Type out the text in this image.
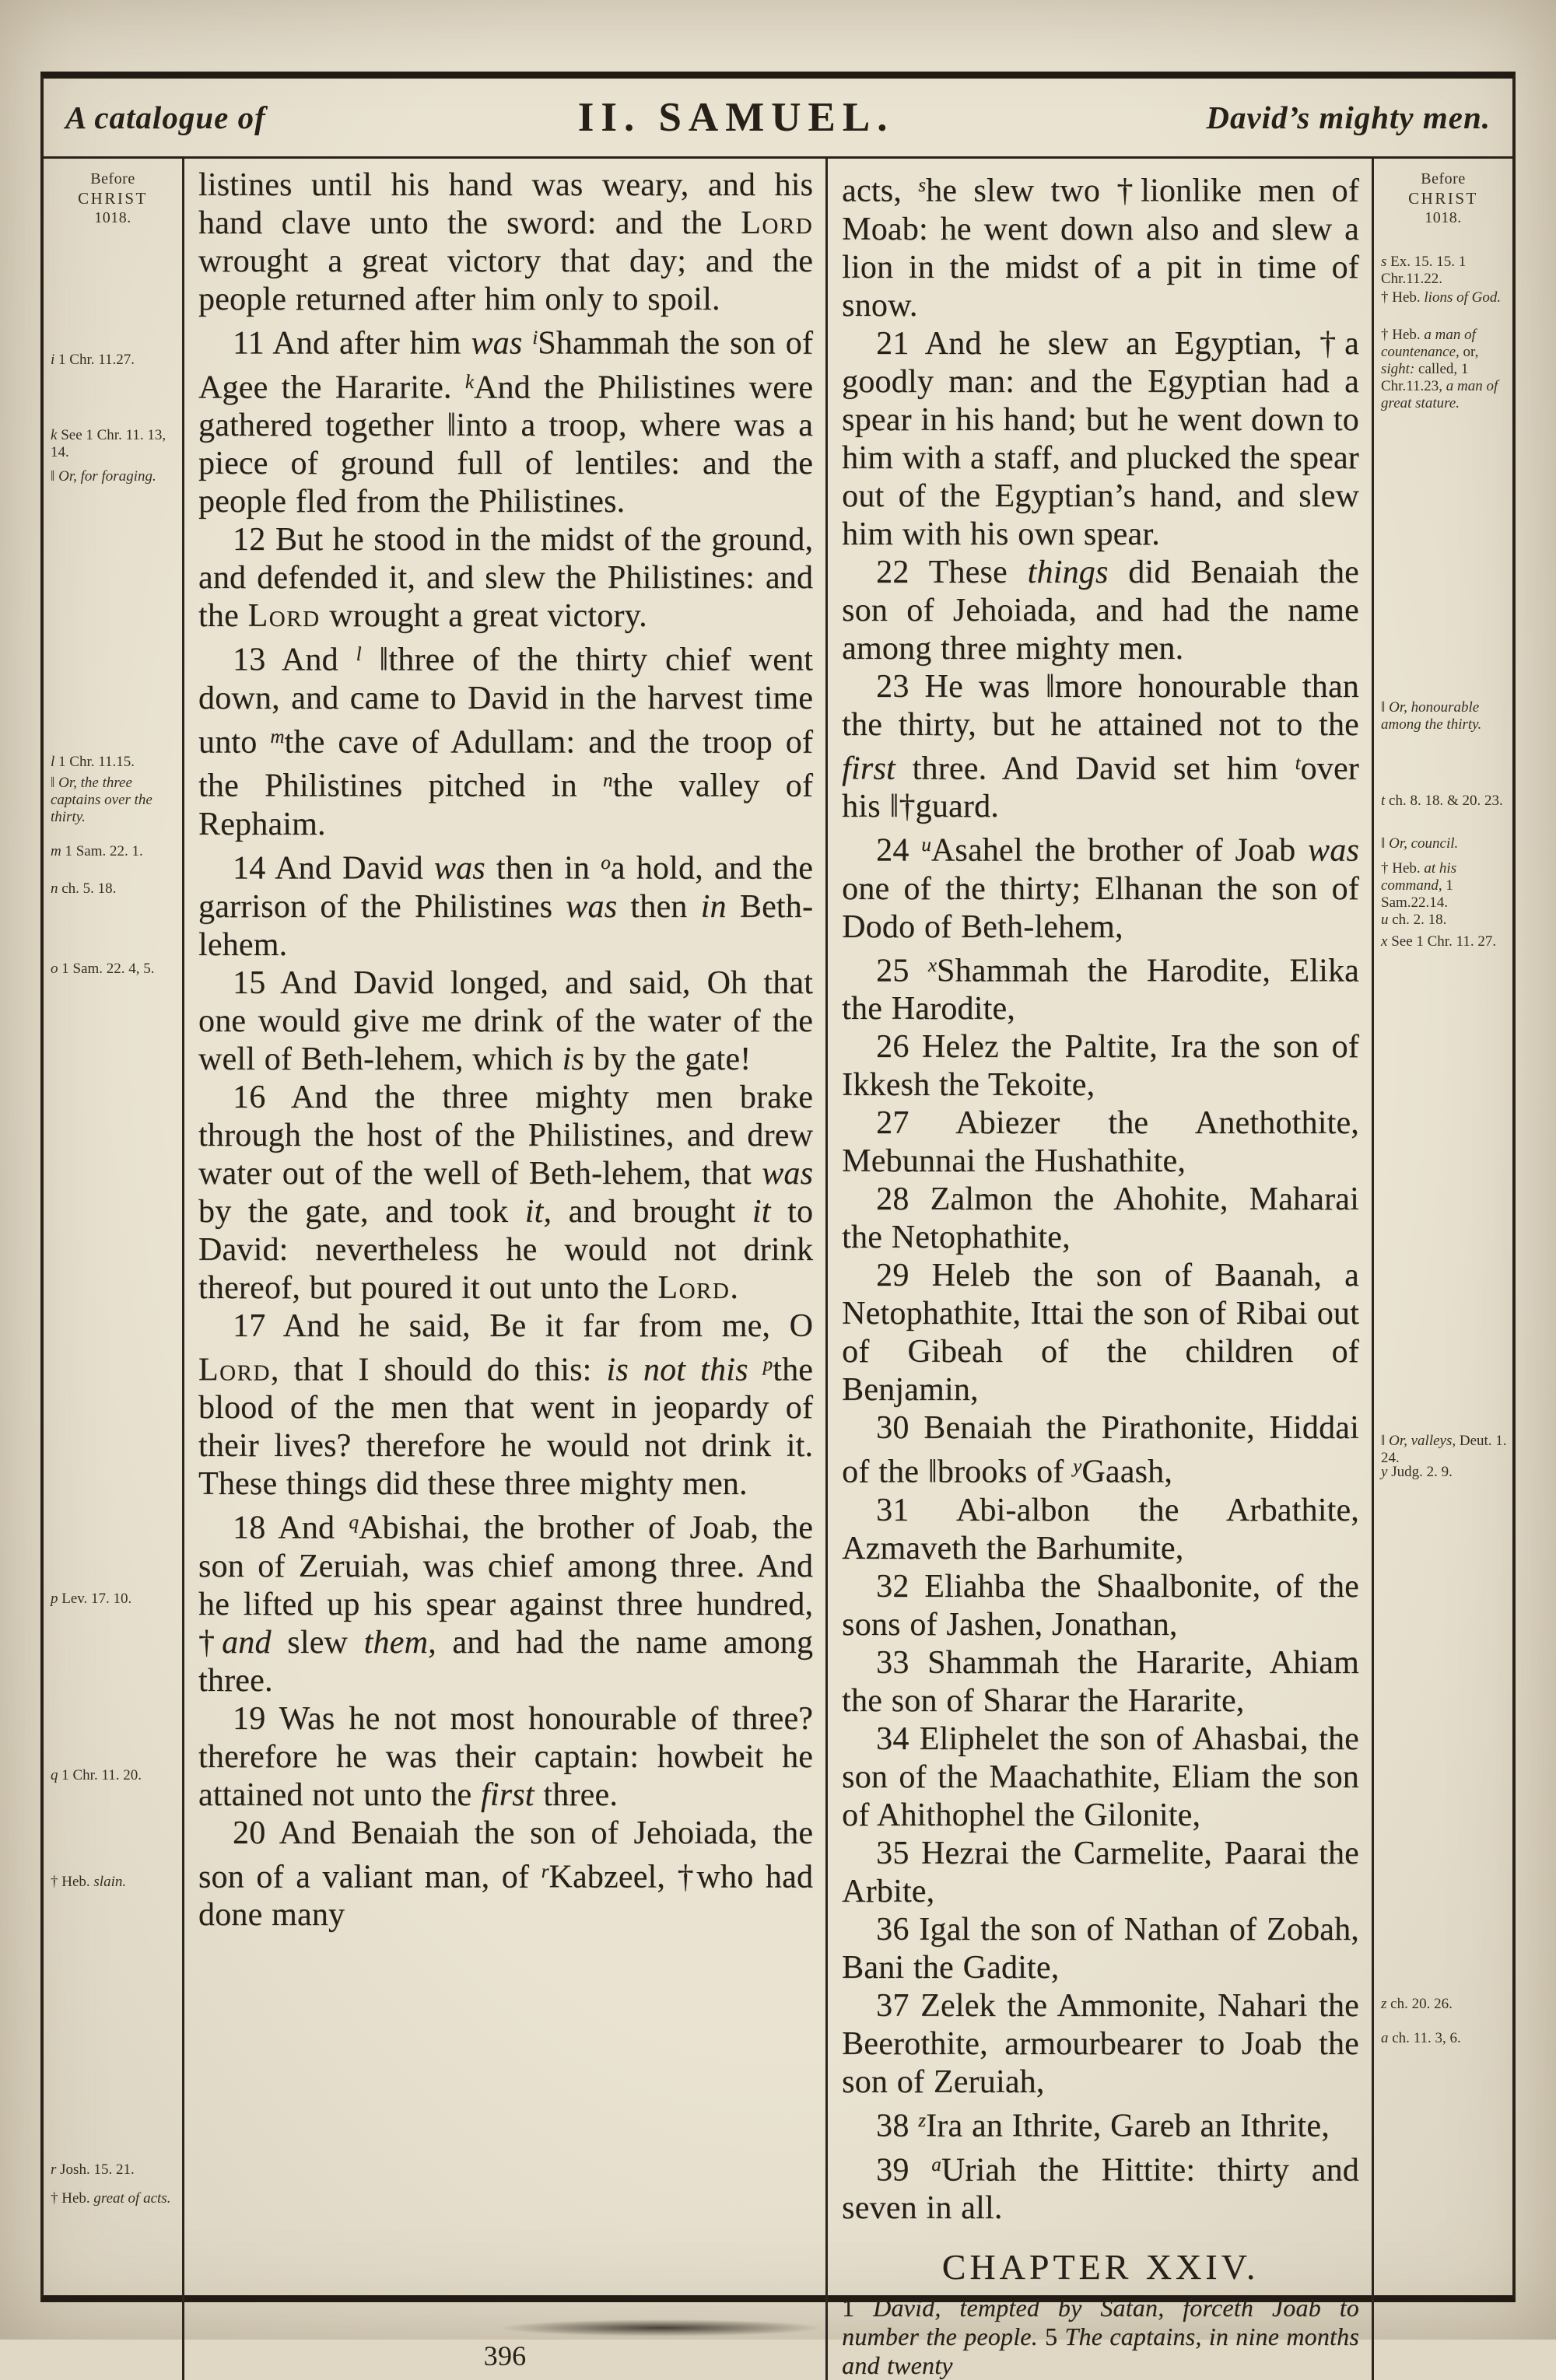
A catalogue of	II. SAMUEL.	David’s mighty men.
Before
CHRIST
1018.
i 1 Chr. 11.27.
k See 1 Chr. 11. 13, 14.
‖ Or, for foraging.
l 1 Chr. 11.15.
‖ Or, the three captains over the thirty.
m 1 Sam. 22. 1.
n ch. 5. 18.
o 1 Sam. 22. 4, 5.
p Lev. 17. 10.
q 1 Chr. 11. 20.
† Heb. slain.
r Josh. 15. 21.
† Heb. great of acts.

listines until his hand was weary, and his hand clave unto the sword: and the Lord wrought a great victory that day; and the people returned after him only to spoil.

11 And after him was $^i$Shammah the son of Agee the Hararite. $^k$And the Philistines were gathered together ‖into a troop, where was a piece of ground full of lentiles: and the people fled from the Philistines.

12 But he stood in the midst of the ground, and defended it, and slew the Philistines: and the Lord wrought a great victory.

13 And $^l$ ‖three of the thirty chief went down, and came to David in the harvest time unto $^m$the cave of Adullam: and the troop of the Philistines pitched in $^n$the valley of Rephaim.

14 And David was then in $^o$a hold, and the garrison of the Philistines was then in Beth-lehem.

15 And David longed, and said, Oh that one would give me drink of the water of the well of Beth-lehem, which is by the gate!

16 And the three mighty men brake through the host of the Philistines, and drew water out of the well of Beth-lehem, that was by the gate, and took it, and brought it to David: nevertheless he would not drink thereof, but poured it out unto the Lord.

17 And he said, Be it far from me, O Lord, that I should do this: is not this $^p$the blood of the men that went in jeopardy of their lives? therefore he would not drink it. These things did these three mighty men.

18 And $^q$Abishai, the brother of Joab, the son of Zeruiah, was chief among three. And he lifted up his spear against three hundred, †and slew them, and had the name among three.

19 Was he not most honourable of three? therefore he was their captain: howbeit he attained not unto the first three.

20 And Benaiah the son of Jehoiada, the son of a valiant man, of $^r$Kabzeel, †who had done many

396

acts, $^s$he slew two †lionlike men of Moab: he went down also and slew a lion in the midst of a pit in time of snow.

21 And he slew an Egyptian, †a goodly man: and the Egyptian had a spear in his hand; but he went down to him with a staff, and plucked the spear out of the Egyptian’s hand, and slew him with his own spear.

22 These things did Benaiah the son of Jehoiada, and had the name among three mighty men.

23 He was ‖more honourable than the thirty, but he attained not to the first three. And David set him $^t$over his ‖†guard.

24 $^u$Asahel the brother of Joab was one of the thirty; Elhanan the son of Dodo of Beth-lehem,

25 $^x$Shammah the Harodite, Elika the Harodite,

26 Helez the Paltite, Ira the son of Ikkesh the Tekoite,

27 Abiezer the Anethothite, Mebunnai the Hushathite,

28 Zalmon the Ahohite, Maharai the Netophathite,

29 Heleb the son of Baanah, a Netophathite, Ittai the son of Ribai out of Gibeah of the children of Benjamin,

30 Benaiah the Pirathonite, Hiddai of the ‖brooks of $^y$Gaash,

31 Abi-albon the Arbathite, Azmaveth the Barhumite,

32 Eliahba the Shaalbonite, of the sons of Jashen, Jonathan,

33 Shammah the Hararite, Ahiam the son of Sharar the Hararite,

34 Eliphelet the son of Ahasbai, the son of the Maachathite, Eliam the son of Ahithophel the Gilonite,

35 Hezrai the Carmelite, Paarai the Arbite,

36 Igal the son of Nathan of Zobah, Bani the Gadite,

37 Zelek the Ammonite, Nahari the Beerothite, armourbearer to Joab the son of Zeruiah,

38 $^z$Ira an Ithrite, Gareb an Ithrite,

39 $^a$Uriah the Hittite: thirty and seven in all.

CHAPTER XXIV.
1 David, tempted by Satan, forceth Joab to number the people. 5 The captains, in nine months and twenty
Before
CHRIST
1018.
s Ex. 15. 15. 1 Chr.11.22.
† Heb. lions of God.
† Heb. a man of countenance, or, sight: called, 1 Chr.11.23, a man of great stature.
‖ Or, honourable among the thirty.
t ch. 8. 18. & 20. 23.
‖ Or, council.
† Heb. at his command, 1 Sam.22.14.
u ch. 2. 18.
x See 1 Chr. 11. 27.
‖ Or, valleys, Deut. 1. 24.
y Judg. 2. 9.
z ch. 20. 26.
a ch. 11. 3, 6.
